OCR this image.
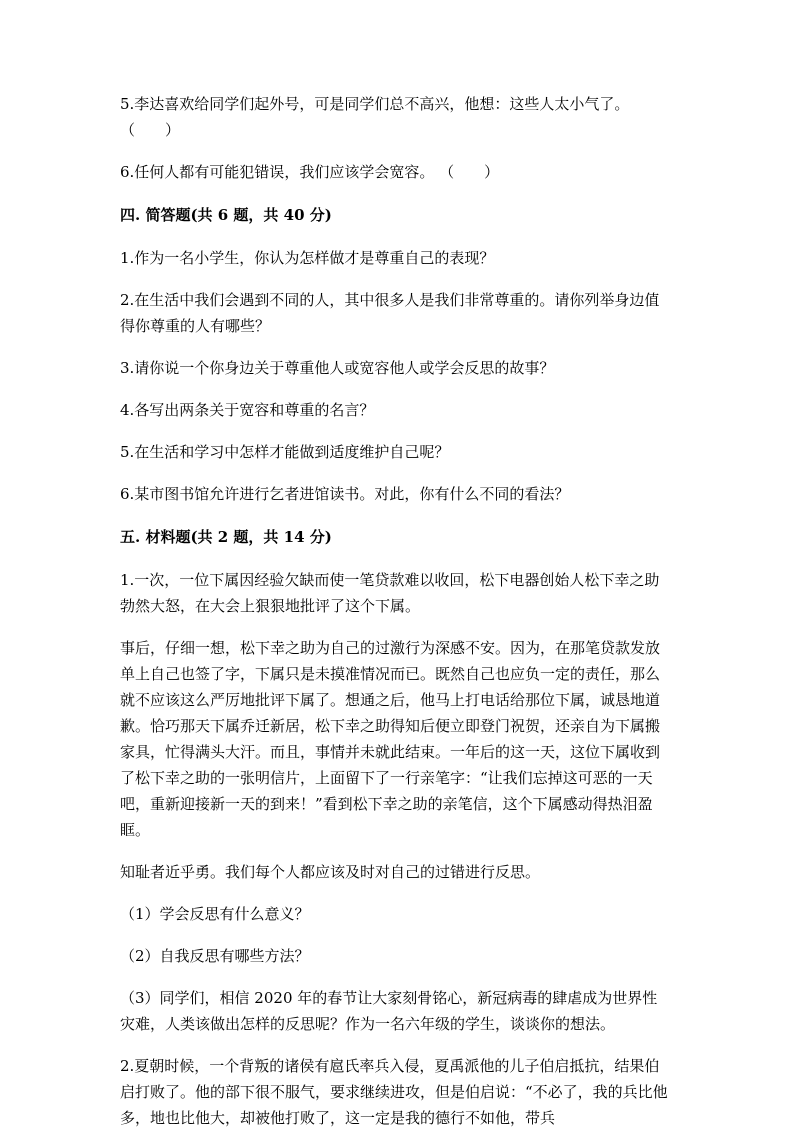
5.李达喜欢给同学们起外号，可是同学们总不高兴，他想：这些人太小气了。
（　　）

6.任何人都有可能犯错误，我们应该学会宽容。 （　　）

四. 简答题(共 6 题，共 40 分)

1.作为一名小学生，你认为怎样做才是尊重自己的表现？

2.在生活中我们会遇到不同的人，其中很多人是我们非常尊重的。请你列举身边值得你尊重的人有哪些？

3.请你说一个你身边关于尊重他人或宽容他人或学会反思的故事？

4.各写出两条关于宽容和尊重的名言？

5.在生活和学习中怎样才能做到适度维护自己呢？

6.某市图书馆允许进行乞者进馆读书。对此，你有什么不同的看法？

五. 材料题(共 2 题，共 14 分)

1.一次，一位下属因经验欠缺而使一笔贷款难以收回，松下电器创始人松下幸之助勃然大怒，在大会上狠狠地批评了这个下属。

事后，仔细一想，松下幸之助为自己的过激行为深感不安。因为，在那笔贷款发放单上自己也签了字，下属只是未摸准情况而已。既然自己也应负一定的责任，那么就不应该这么严厉地批评下属了。想通之后，他马上打电话给那位下属，诚恳地道歉。恰巧那天下属乔迁新居，松下幸之助得知后便立即登门祝贺，还亲自为下属搬家具，忙得满头大汗。而且，事情并未就此结束。一年后的这一天，这位下属收到了松下幸之助的一张明信片，上面留下了一行亲笔字：“让我们忘掉这可恶的一天吧，重新迎接新一天的到来！”看到松下幸之助的亲笔信，这个下属感动得热泪盈眶。

知耻者近乎勇。我们每个人都应该及时对自己的过错进行反思。

（1）学会反思有什么意义？

（2）自我反思有哪些方法？

（3）同学们，相信 2020 年的春节让大家刻骨铭心，新冠病毒的肆虐成为世界性灾难，人类该做出怎样的反思呢？作为一名六年级的学生，谈谈你的想法。

2.夏朝时候，一个背叛的诸侯有扈氏率兵入侵，夏禹派他的儿子伯启抵抗，结果伯启打败了。他的部下很不服气，要求继续进攻，但是伯启说：“不必了，我的兵比他多，地也比他大，却被他打败了，这一定是我的德行不如他，带兵
